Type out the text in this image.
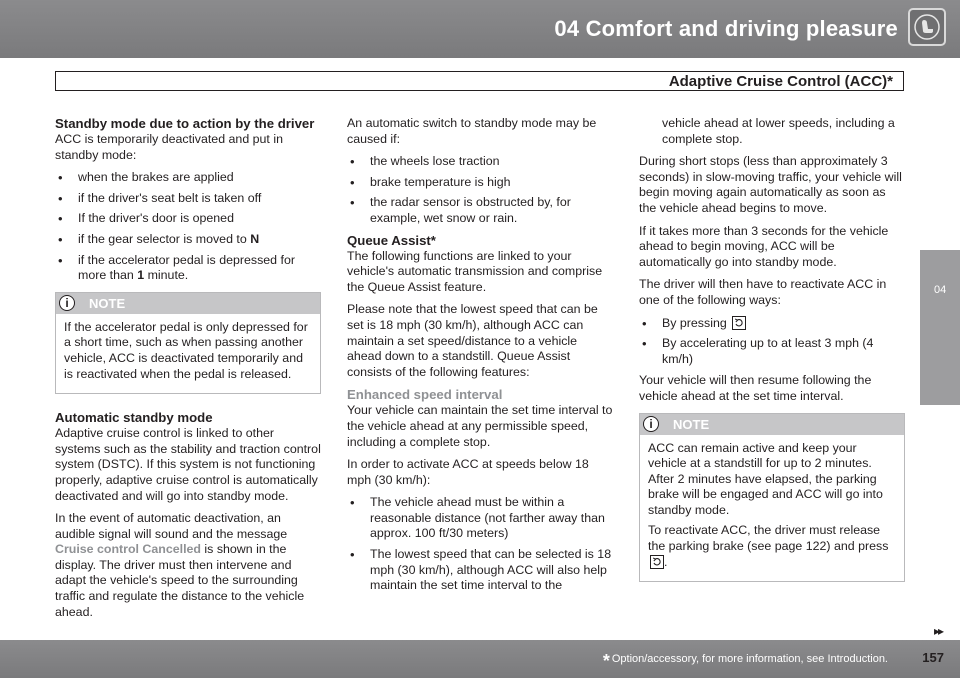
04 Comfort and driving pleasure
Adaptive Cruise Control (ACC)*
04
Standby mode due to action by the driver

ACC is temporarily deactivated and put in standby mode:

• when the brakes are applied
• if the driver's seat belt is taken off
• If the driver's door is opened
• if the gear selector is moved to N
• if the accelerator pedal is depressed for more than 1 minute.
i	NOTE

If the accelerator pedal is only depressed for a short time, such as when passing another vehicle, ACC is deactivated temporarily and is reactivated when the pedal is released.

Automatic standby mode

Adaptive cruise control is linked to other systems such as the stability and traction control system (DSTC). If this system is not functioning properly, adaptive cruise control is automatically deactivated and will go into standby mode.

In the event of automatic deactivation, an audible signal will sound and the message Cruise control Cancelled is shown in the display. The driver must then intervene and adapt the vehicle's speed to the surrounding traffic and regulate the distance to the vehicle ahead.

An automatic switch to standby mode may be caused if:

• the wheels lose traction
• brake temperature is high
• the radar sensor is obstructed by, for example, wet snow or rain.
Queue Assist*

The following functions are linked to your vehicle's automatic transmission and comprise the Queue Assist feature.

Please note that the lowest speed that can be set is 18 mph (30 km/h), although ACC can maintain a set speed/distance to a vehicle ahead down to a standstill. Queue Assist consists of the following features:

Enhanced speed interval

Your vehicle can maintain the set time interval to the vehicle ahead at any permissible speed, including a complete stop.

In order to activate ACC at speeds below 18 mph (30 km/h):

• The vehicle ahead must be within a reasonable distance (not farther away than approx. 100 ft/30 meters)
• The lowest speed that can be selected is 18 mph (30 km/h), although ACC will also help maintain the set time interval to the

vehicle ahead at lower speeds, including a complete stop.

During short stops (less than approximately 3 seconds) in slow-moving traffic, your vehicle will begin moving again automatically as soon as the vehicle ahead begins to move.

If it takes more than 3 seconds for the vehicle ahead to begin moving, ACC will be automatically go into standby mode.

The driver will then have to reactivate ACC in one of the following ways:

• By pressing
• By accelerating up to at least 3 mph (4 km/h)

Your vehicle will then resume following the vehicle ahead at the set time interval.

i	NOTE

ACC can remain active and keep your vehicle at a standstill for up to 2 minutes. After 2 minutes have elapsed, the parking brake will be engaged and ACC will go into standby mode.

To reactivate ACC, the driver must release the parking brake (see page 122) and press
.

▸▸
* Option/accessory, for more information, see Introduction.	157
